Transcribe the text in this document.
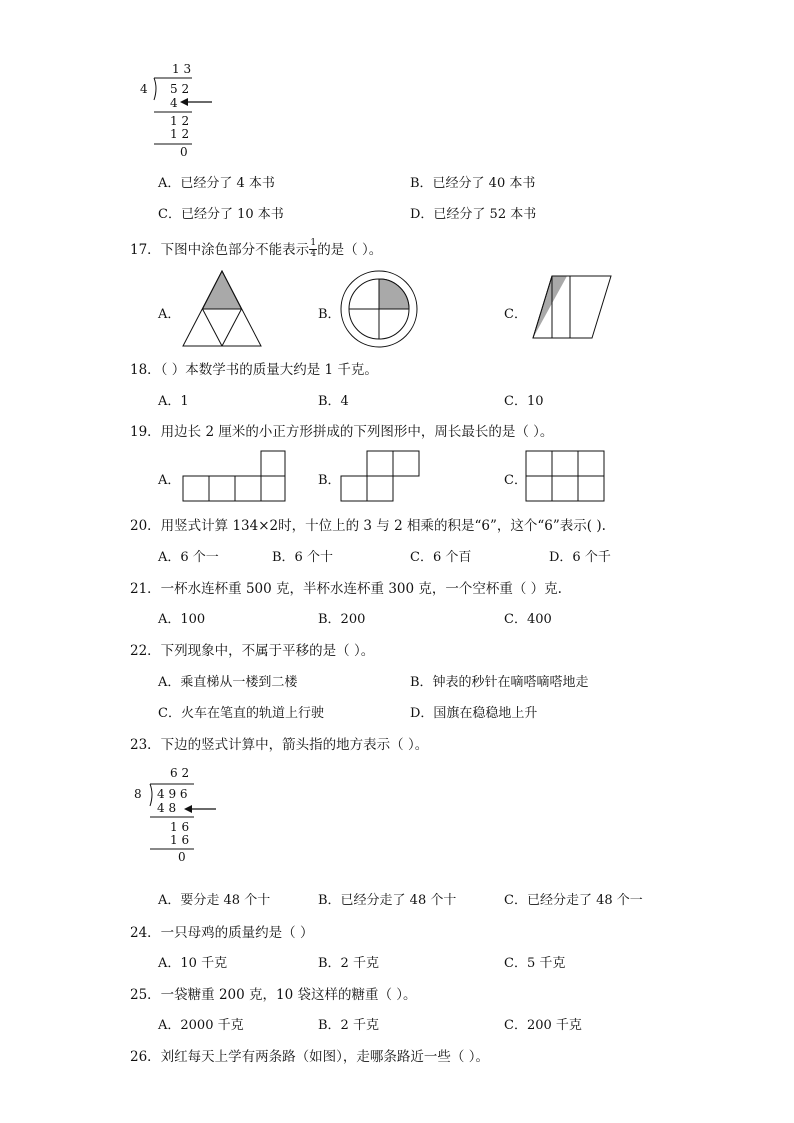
1 3
4 5 2
4
1 2
1 2
0
A．已经分了 4 本书	B．已经分了 40 本书
C．已经分了 10 本书	D．已经分了 52 本书
17．下图中涂色部分不能表示 $\frac{1}{4}$ 的是（ ）。
A．	B．	C．
18．（ ）本数学书的质量大约是 1 千克。
A．1	B．4	C．10
19．用边长 2 厘米的小正方形拼成的下列图形中，周长最长的是（ ）。
A．	B．	C．
20．用竖式计算 134×2时，十位上的 3 与 2 相乘的积是“6”，这个“6”表示( ).
A．6 个一	B．6 个十	C．6 个百	D．6 个千
21．一杯水连杯重 500 克，半杯水连杯重 300 克，一个空杯重（ ）克.
A．100	B．200	C．400
22．下列现象中，不属于平移的是（ ）。
A．乘直梯从一楼到二楼	B．钟表的秒针在嘀嗒嘀嗒地走
C．火车在笔直的轨道上行驶	D．国旗在稳稳地上升
23．下边的竖式计算中，箭头指的地方表示（ ）。
6 2
8 4 9 6
4 8
1 6
1 6
0
A．要分走 48 个十	B．已经分走了 48 个十	C．已经分走了 48 个一
24．一只母鸡的质量约是（ ）
A．10 千克	B．2 千克	C．5 千克
25．一袋糖重 200 克，10 袋这样的糖重（ ）。
A．2000 千克	B．2 千克	C．200 千克
26．刘红每天上学有两条路（如图），走哪条路近一些（ ）。
